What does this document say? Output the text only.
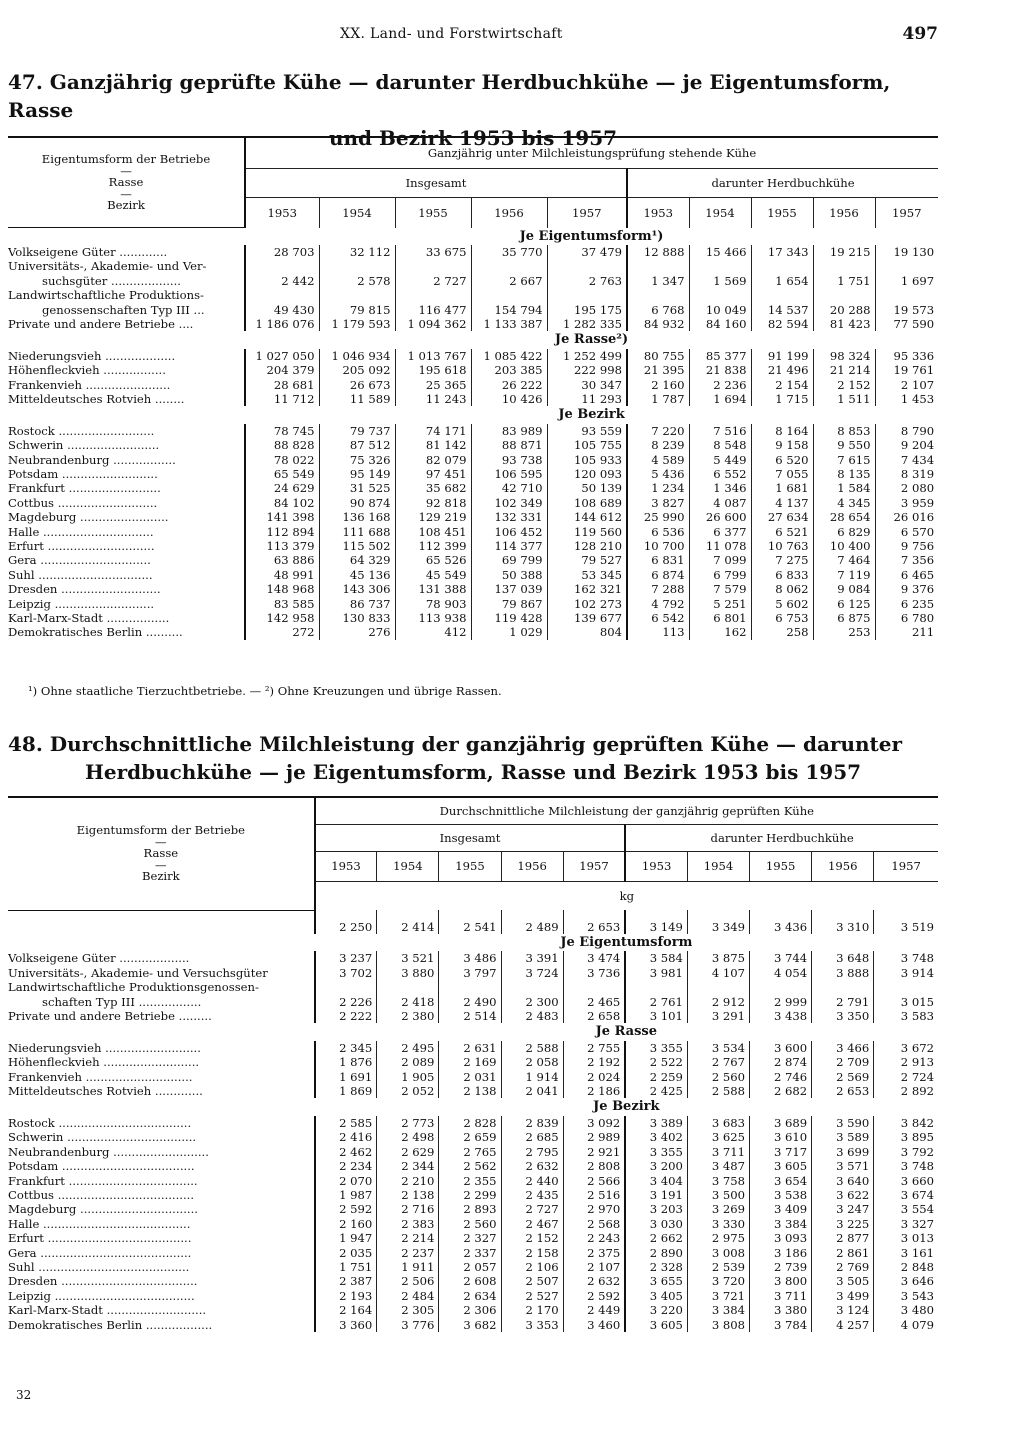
XX. Land- und Forstwirtschaft	497
47. Ganzjährig geprüfte Kühe — darunter Herdbuchkühe — je Eigentumsform, Rasse
und Bezirk 1953 bis 1957
Eigentumsform der Betriebe
—
Rasse

—
Bezirk	Ganzjährig unter Milchleistungsprüfung stehende Kühe									
	Insgesamt					darunter Herdbuchkühe				
	1953	1954	1955	1956	1957	1953	1954	1955	1956	1957
	Je Eigentumsform¹)									
Volkseigene Güter .............	28 703	32 112	33 675	35 770	37 479	12 888	15 466	17 343	19 215	19 130
Universitäts-, Akademie- und Ver-										
suchsgüter ...................	2 442	2 578	2 727	2 667	2 763	1 347	1 569	1 654	1 751	1 697
Landwirtschaftliche Produktions-										
genossenschaften Typ III ...	49 430	79 815	116 477	154 794	195 175	6 768	10 049	14 537	20 288	19 573
Private und andere Betriebe ....	1 186 076	1 179 593	1 094 362	1 133 387	1 282 335	84 932	84 160	82 594	81 423	77 590
	Je Rasse²)									
Niederungsvieh ...................	1 027 050	1 046 934	1 013 767	1 085 422	1 252 499	80 755	85 377	91 199	98 324	95 336
Höhenfleckvieh .................	204 379	205 092	195 618	203 385	222 998	21 395	21 838	21 496	21 214	19 761
Frankenvieh .......................	28 681	26 673	25 365	26 222	30 347	2 160	2 236	2 154	2 152	2 107
Mitteldeutsches Rotvieh ........	11 712	11 589	11 243	10 426	11 293	1 787	1 694	1 715	1 511	1 453
	Je Bezirk									
Rostock ..........................	78 745	79 737	74 171	83 989	93 559	7 220	7 516	8 164	8 853	8 790
Schwerin .........................	88 828	87 512	81 142	88 871	105 755	8 239	8 548	9 158	9 550	9 204
Neubrandenburg .................	78 022	75 326	82 079	93 738	105 933	4 589	5 449	6 520	7 615	7 434
Potsdam ..........................	65 549	95 149	97 451	106 595	120 093	5 436	6 552	7 055	8 135	8 319
Frankfurt .........................	24 629	31 525	35 682	42 710	50 139	1 234	1 346	1 681	1 584	2 080
Cottbus ...........................	84 102	90 874	92 818	102 349	108 689	3 827	4 087	4 137	4 345	3 959
Magdeburg ........................	141 398	136 168	129 219	132 331	144 612	25 990	26 600	27 634	28 654	26 016
Halle ..............................	112 894	111 688	108 451	106 452	119 560	6 536	6 377	6 521	6 829	6 570
Erfurt .............................	113 379	115 502	112 399	114 377	128 210	10 700	11 078	10 763	10 400	9 756
Gera ..............................	63 886	64 329	65 526	69 799	79 527	6 831	7 099	7 275	7 464	7 356
Suhl ...............................	48 991	45 136	45 549	50 388	53 345	6 874	6 799	6 833	7 119	6 465
Dresden ...........................	148 968	143 306	131 388	137 039	162 321	7 288	7 579	8 062	9 084	9 376
Leipzig ...........................	83 585	86 737	78 903	79 867	102 273	4 792	5 251	5 602	6 125	6 235
Karl-Marx-Stadt .................	142 958	130 833	113 938	119 428	139 677	6 542	6 801	6 753	6 875	6 780
Demokratisches Berlin ..........	272	276	412	1 029	804	113	162	258	253	211
¹) Ohne staatliche Tierzuchtbetriebe. — ²) Ohne Kreuzungen und übrige Rassen.
48. Durchschnittliche Milchleistung der ganzjährig geprüften Kühe — darunter
Herdbuchkühe — je Eigentumsform, Rasse und Bezirk 1953 bis 1957
Eigentumsform der Betriebe
—
Rasse

—
Bezirk	Durchschnittliche Milchleistung der ganzjährig geprüften Kühe									
	Insgesamt					darunter Herdbuchkühe				
	1953	1954	1955	1956	1957	1953	1954	1955	1956	1957
	kg									
	2 250	2 414	2 541	2 489	2 653	3 149	3 349	3 436	3 310	3 519
	Je Eigentumsform									
Volkseigene Güter ...................	3 237	3 521	3 486	3 391	3 474	3 584	3 875	3 744	3 648	3 748
Universitäts-, Akademie- und Versuchsgüter	3 702	3 880	3 797	3 724	3 736	3 981	4 107	4 054	3 888	3 914
Landwirtschaftliche Produktionsgenossen-										
schaften Typ III .................	2 226	2 418	2 490	2 300	2 465	2 761	2 912	2 999	2 791	3 015
Private und andere Betriebe .........	2 222	2 380	2 514	2 483	2 658	3 101	3 291	3 438	3 350	3 583
	Je Rasse									
Niederungsvieh ..........................	2 345	2 495	2 631	2 588	2 755	3 355	3 534	3 600	3 466	3 672
Höhenfleckvieh ..........................	1 876	2 089	2 169	2 058	2 192	2 522	2 767	2 874	2 709	2 913
Frankenvieh .............................	1 691	1 905	2 031	1 914	2 024	2 259	2 560	2 746	2 569	2 724
Mitteldeutsches Rotvieh .............	1 869	2 052	2 138	2 041	2 186	2 425	2 588	2 682	2 653	2 892
	Je Bezirk									
Rostock ....................................	2 585	2 773	2 828	2 839	3 092	3 389	3 683	3 689	3 590	3 842
Schwerin ...................................	2 416	2 498	2 659	2 685	2 989	3 402	3 625	3 610	3 589	3 895
Neubrandenburg ..........................	2 462	2 629	2 765	2 795	2 921	3 355	3 711	3 717	3 699	3 792
Potsdam ....................................	2 234	2 344	2 562	2 632	2 808	3 200	3 487	3 605	3 571	3 748
Frankfurt ...................................	2 070	2 210	2 355	2 440	2 566	3 404	3 758	3 654	3 640	3 660
Cottbus .....................................	1 987	2 138	2 299	2 435	2 516	3 191	3 500	3 538	3 622	3 674
Magdeburg ................................	2 592	2 716	2 893	2 727	2 970	3 203	3 269	3 409	3 247	3 554
Halle ........................................	2 160	2 383	2 560	2 467	2 568	3 030	3 330	3 384	3 225	3 327
Erfurt .......................................	1 947	2 214	2 327	2 152	2 243	2 662	2 975	3 093	2 877	3 013
Gera .........................................	2 035	2 237	2 337	2 158	2 375	2 890	3 008	3 186	2 861	3 161
Suhl .........................................	1 751	1 911	2 057	2 106	2 107	2 328	2 539	2 739	2 769	2 848
Dresden .....................................	2 387	2 506	2 608	2 507	2 632	3 655	3 720	3 800	3 505	3 646
Leipzig ......................................	2 193	2 484	2 634	2 527	2 592	3 405	3 721	3 711	3 499	3 543
Karl-Marx-Stadt ...........................	2 164	2 305	2 306	2 170	2 449	3 220	3 384	3 380	3 124	3 480
Demokratisches Berlin ..................	3 360	3 776	3 682	3 353	3 460	3 605	3 808	3 784	4 257	4 079
32
